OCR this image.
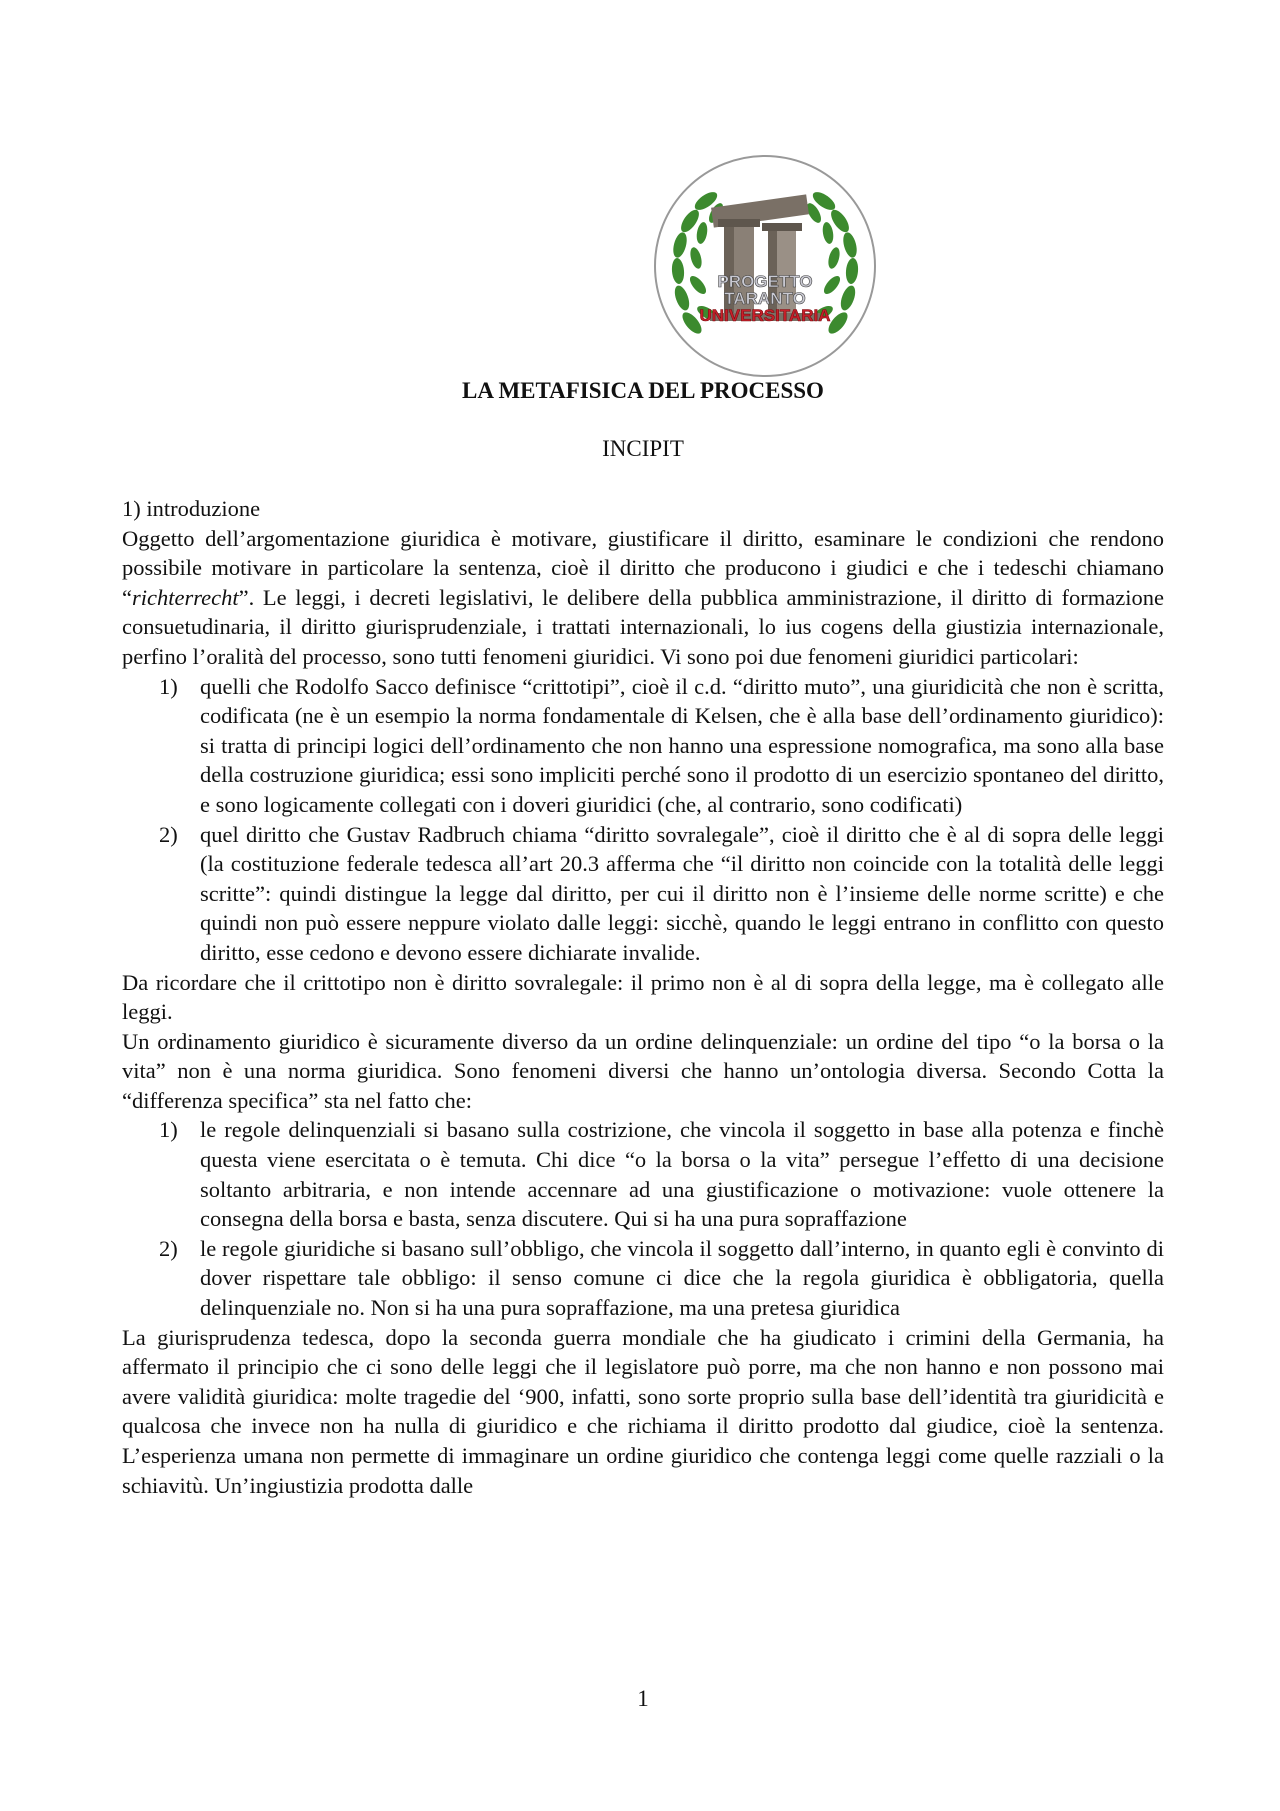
PROGETTO
TARANTO
UNIVERSITARIA
LA METAFISICA DEL PROCESSO
INCIPIT

1) introduzione

Oggetto dell’argomentazione giuridica è motivare, giustificare il diritto, esaminare le condizioni che rendono possibile motivare in particolare la sentenza, cioè il diritto che producono i giudici e che i tedeschi chiamano “richterrecht”. Le leggi, i decreti legislativi, le delibere della pubblica amministrazione, il diritto di formazione consuetudinaria, il diritto giurisprudenziale, i trattati internazionali, lo ius cogens della giustizia internazionale, perfino l’oralità del processo, sono tutti fenomeni giuridici. Vi sono poi due fenomeni giuridici particolari:

1) quelli che Rodolfo Sacco definisce “crittotipi”, cioè il c.d. “diritto muto”, una giuridicità che non è scritta, codificata (ne è un esempio la norma fondamentale di Kelsen, che è alla base dell’ordinamento giuridico): si tratta di principi logici dell’ordinamento che non hanno una espressione nomografica, ma sono alla base della costruzione giuridica; essi sono impliciti perché sono il prodotto di un esercizio spontaneo del diritto, e sono logicamente collegati con i doveri giuridici (che, al contrario, sono codificati)
2) quel diritto che Gustav Radbruch chiama “diritto sovralegale”, cioè il diritto che è al di sopra delle leggi (la costituzione federale tedesca all’art 20.3 afferma che “il diritto non coincide con la totalità delle leggi scritte”: quindi distingue la legge dal diritto, per cui il diritto non è l’insieme delle norme scritte) e che quindi non può essere neppure violato dalle leggi: sicchè, quando le leggi entrano in conflitto con questo diritto, esse cedono e devono essere dichiarate invalide.

Da ricordare che il crittotipo non è diritto sovralegale: il primo non è al di sopra della legge, ma è collegato alle leggi.

Un ordinamento giuridico è sicuramente diverso da un ordine delinquenziale: un ordine del tipo “o la borsa o la vita” non è una norma giuridica. Sono fenomeni diversi che hanno un’ontologia diversa. Secondo Cotta la “differenza specifica” sta nel fatto che:

1) le regole delinquenziali si basano sulla costrizione, che vincola il soggetto in base alla potenza e finchè questa viene esercitata o è temuta. Chi dice “o la borsa o la vita” persegue l’effetto di una decisione soltanto arbitraria, e non intende accennare ad una giustificazione o motivazione: vuole ottenere la consegna della borsa e basta, senza discutere. Qui si ha una pura sopraffazione
2) le regole giuridiche si basano sull’obbligo, che vincola il soggetto dall’interno, in quanto egli è convinto di dover rispettare tale obbligo: il senso comune ci dice che la regola giuridica è obbligatoria, quella delinquenziale no. Non si ha una pura sopraffazione, ma una pretesa giuridica

La giurisprudenza tedesca, dopo la seconda guerra mondiale che ha giudicato i crimini della Germania, ha affermato il principio che ci sono delle leggi che il legislatore può porre, ma che non hanno e non possono mai avere validità giuridica: molte tragedie del ‘900, infatti, sono sorte proprio sulla base dell’identità tra giuridicità e qualcosa che invece non ha nulla di giuridico e che richiama il diritto prodotto dal giudice, cioè la sentenza. L’esperienza umana non permette di immaginare un ordine giuridico che contenga leggi come quelle razziali o la schiavitù. Un’ingiustizia prodotta dalle

1
